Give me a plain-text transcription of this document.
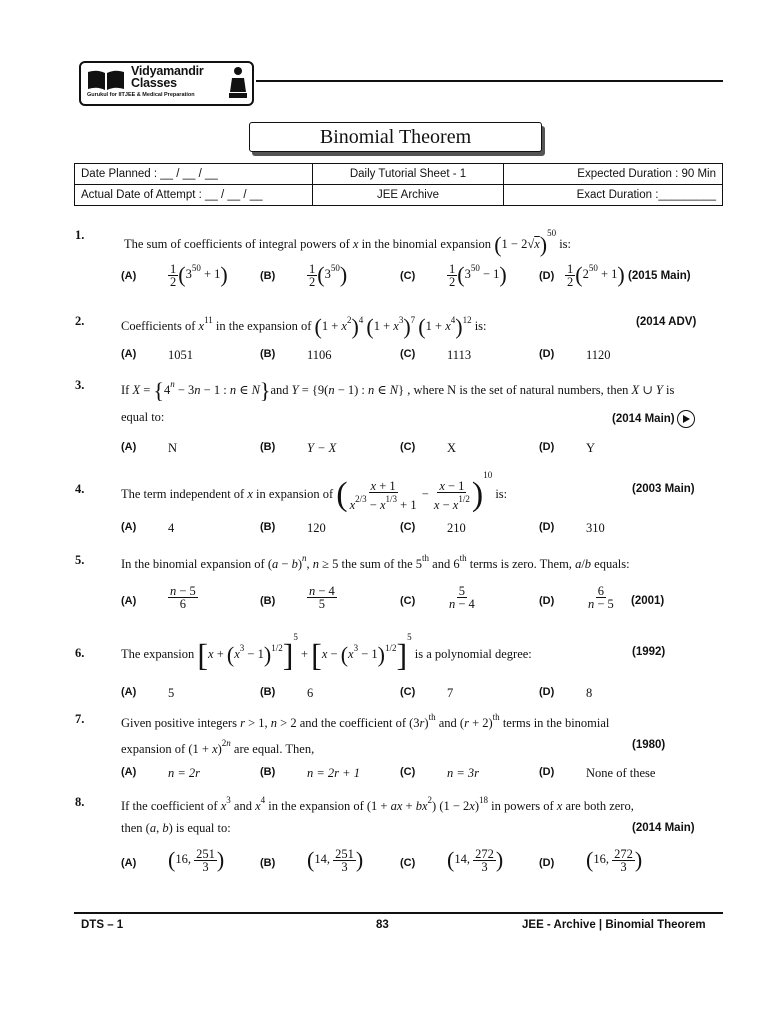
Vidyamandir
Classes
Gurukul for IITJEE & Medical Preparation
Binomial Theorem
Date Planned : __ / __ / __	Daily Tutorial Sheet - 1	Expected Duration : 90 Min
Actual Date of Attempt : __ / __ / __	JEE Archive	Exact Duration :_________
1.
The sum of coefficients of integral powers of x in the binomial expansion $(1 - 2√x)^{50}$ is:
(A)	$\frac{1}{2} (3^{50} + 1)$	(B)	$\frac{1}{2} (3^{50})$	(C)	$\frac{1}{2} (3^{50} - 1)$	$(D) \frac{1}{2} (2^{50} + 1)$ (2015 Main)
2.	Coefficients of $x^{11}$ in the expansion of $(1 + x^2)^4$ $(1 + x^3)^7$ $(1 + x^4)^{12}$ is:	(2014 ADV)
(A)	1051	(B)	1106	(C)	1113	(D)	1120
3.	If $X = \{4^n - 3n - 1$ : n ∈ N}and Y = {9(n − 1) : n ∈ N} , where N is the set of natural numbers, then X ∪ Y is
equal to:	(2014 Main)
(A)	N	(B)	Y − X	(C)	X	(D)	Y
4.	The term independent of x in expansion of ( $\frac{x + 1}{x^{2/3} - x^{1/3} + 1} - \frac{x - 1}{x - x^{1/2}} )^{10}$ is:	(2003 Main)
(A)	4	(B)	120	(C)	210	(D)	310
5.	In the binomial expansion of $(a - b)^n$, n ≥ 5 the sum of the 5th and 6th terms is zero. Them, a/b equals:
(A)	$\frac{n - 5}{6}$	(B)	$\frac{n - 4}{5}$	(C)	$\frac{5}{n - 4}$	(D)	$\frac{6}{n - 5} (2001)$
6.	The expansion $[x + (x^3 - 1)^{1/2}]^5 + [x - (x^3 - 1)^{1/2}]^5$ is a polynomial degree:	(1992)
(A)	5	(B)	6	(C)	7	(D)	8
7.	Given positive integers r > 1, n > 2 and the coefficient of $(3r)^{th}$ and $(r + 2)^{th}$ terms in the binomial
expansion of $(1 + x)^{2n}$ are equal. Then,	(1980)
(A)	n = 2r	(B)	n = 2r + 1	(C)	n = 3r	(D)	None of these
8.	If the coefficient of $x^3$ and $x^4$ in the expansion of (1 + ax + $bx^2$) $(1 - 2x)^{18}$ in powers of x are both zero,
then (a, b) is equal to:	(2014 Main)
(A) (16, $\frac{251}{3}$ )	(B) (14, $\frac{251}{3}$ )	(C) (14, $\frac{272}{3}$ )	(D) (16, $\frac{272}{3}$ )
DTS – 1	83	JEE - Archive | Binomial Theorem
